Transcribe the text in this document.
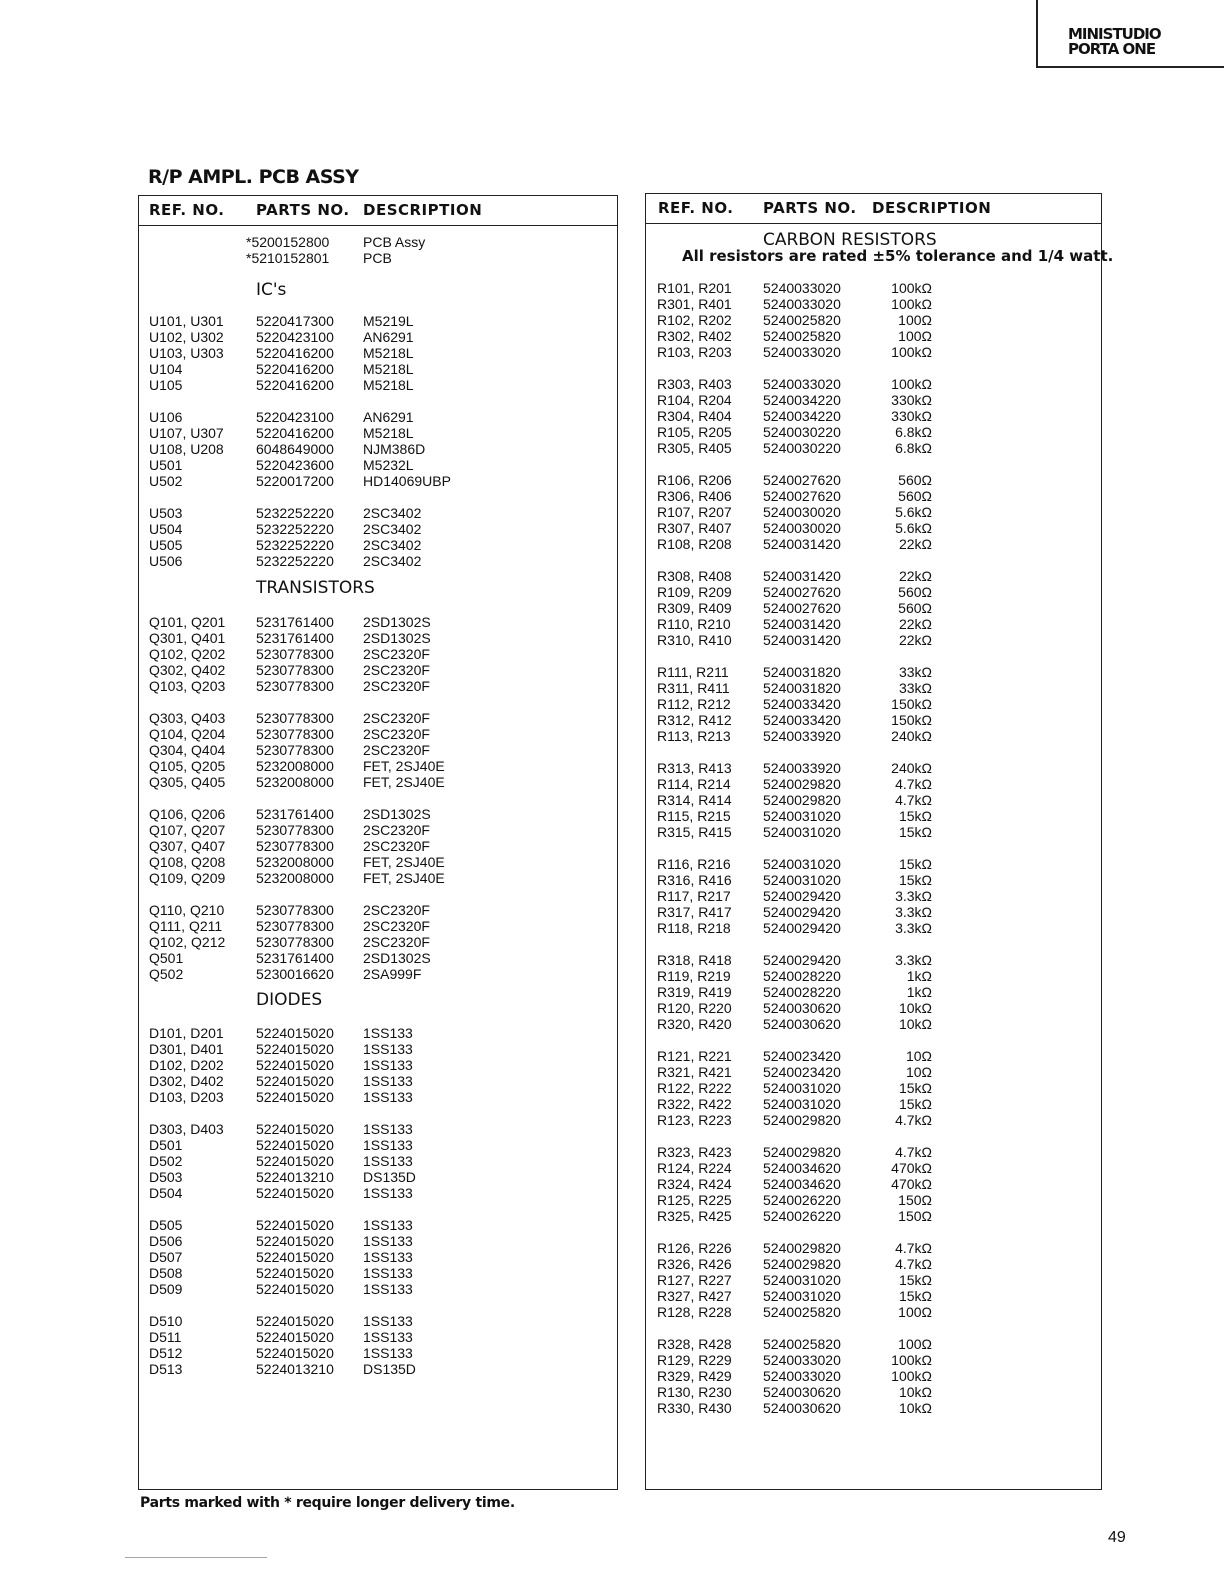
MINISTUDIO
PORTA ONE
R/P AMPL. PCB ASSY
REF. NO. PARTS NO. DESCRIPTION
*5200152800 PCB Assy
*5210152801 PCB
IC's
U101, U301 5220417300 M5219L
U102, U302 5220423100 AN6291
U103, U303 5220416200 M5218L
U104	5220416200 M5218L
U105	5220416200 M5218L
U106	5220423100 AN6291
U107, U307 5220416200 M5218L
U108, U208 6048649000 NJM386D
U501	5220423600 M5232L
U502	5220017200 HD14069UBP
U503	5232252220 2SC3402
U504	5232252220 2SC3402
U505	5232252220 2SC3402
U506	5232252220 2SC3402
TRANSISTORS
Q101, Q201 5231761400 2SD1302S
Q301, Q401 5231761400 2SD1302S
Q102, Q202 5230778300 2SC2320F
Q302, Q402 5230778300 2SC2320F
Q103, Q203 5230778300 2SC2320F
Q303, Q403 5230778300 2SC2320F
Q104, Q204 5230778300 2SC2320F
Q304, Q404 5230778300 2SC2320F
Q105, Q205 5232008000 FET, 2SJ40E
Q305, Q405 5232008000 FET, 2SJ40E
Q106, Q206 5231761400 2SD1302S
Q107, Q207 5230778300 2SC2320F
Q307, Q407 5230778300 2SC2320F
Q108, Q208 5232008000 FET, 2SJ40E
Q109, Q209 5232008000 FET, 2SJ40E
Q110, Q210 5230778300 2SC2320F
Q111, Q211 5230778300 2SC2320F
Q102, Q212 5230778300 2SC2320F
Q501	5231761400 2SD1302S
Q502	5230016620 2SA999F
DIODES
D101, D201 5224015020 1SS133
D301, D401 5224015020 1SS133
D102, D202 5224015020 1SS133
D302, D402 5224015020 1SS133
D103, D203 5224015020 1SS133
D303, D403 5224015020 1SS133
D501	5224015020 1SS133
D502	5224015020 1SS133
D503	5224013210 DS135D
D504	5224015020 1SS133
D505	5224015020 1SS133
D506	5224015020 1SS133
D507	5224015020 1SS133
D508	5224015020 1SS133
D509	5224015020 1SS133
D510	5224015020 1SS133
D511	5224015020 1SS133
D512	5224015020 1SS133
D513	5224013210 DS135D
REF. NO. PARTS NO. DESCRIPTION
CARBON RESISTORS
All resistors are rated ±5% tolerance and 1/4 watt.
R101, R201 5240033020	100kΩ
R301, R401 5240033020	100kΩ
R102, R202 5240025820	100Ω
R302, R402 5240025820	100Ω
R103, R203 5240033020	100kΩ
R303, R403 5240033020	100kΩ
R104, R204 5240034220	330kΩ
R304, R404 5240034220	330kΩ
R105, R205 5240030220	6.8kΩ
R305, R405 5240030220	6.8kΩ
R106, R206 5240027620	560Ω
R306, R406 5240027620	560Ω
R107, R207 5240030020	5.6kΩ
R307, R407 5240030020	5.6kΩ
R108, R208 5240031420	22kΩ
R308, R408 5240031420	22kΩ
R109, R209 5240027620	560Ω
R309, R409 5240027620	560Ω
R110, R210 5240031420	22kΩ
R310, R410 5240031420	22kΩ
R111, R211 5240031820	33kΩ
R311, R411 5240031820	33kΩ
R112, R212 5240033420	150kΩ
R312, R412 5240033420	150kΩ
R113, R213 5240033920	240kΩ
R313, R413 5240033920	240kΩ
R114, R214 5240029820	4.7kΩ
R314, R414 5240029820	4.7kΩ
R115, R215 5240031020	15kΩ
R315, R415 5240031020	15kΩ
R116, R216 5240031020	15kΩ
R316, R416 5240031020	15kΩ
R117, R217 5240029420	3.3kΩ
R317, R417 5240029420	3.3kΩ
R118, R218 5240029420	3.3kΩ
R318, R418 5240029420	3.3kΩ
R119, R219 5240028220	1kΩ
R319, R419 5240028220	1kΩ
R120, R220 5240030620	10kΩ
R320, R420 5240030620	10kΩ
R121, R221 5240023420	10Ω
R321, R421 5240023420	10Ω
R122, R222 5240031020	15kΩ
R322, R422 5240031020	15kΩ
R123, R223 5240029820	4.7kΩ
R323, R423 5240029820	4.7kΩ
R124, R224 5240034620	470kΩ
R324, R424 5240034620	470kΩ
R125, R225 5240026220	150Ω
R325, R425 5240026220	150Ω
R126, R226 5240029820	4.7kΩ
R326, R426 5240029820	4.7kΩ
R127, R227 5240031020	15kΩ
R327, R427 5240031020	15kΩ
R128, R228 5240025820	100Ω
R328, R428 5240025820	100Ω
R129, R229 5240033020	100kΩ
R329, R429 5240033020	100kΩ
R130, R230 5240030620	10kΩ
R330, R430 5240030620	10kΩ
Parts marked with * require longer delivery time.
49
